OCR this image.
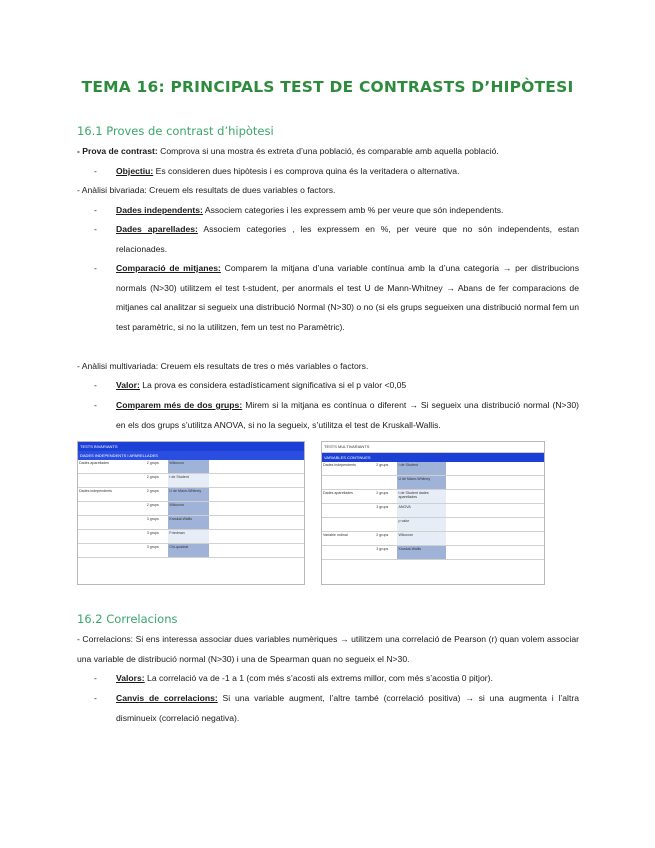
TEMA 16: PRINCIPALS TEST DE CONTRASTS D’HIPÒTESI
16.1 Proves de contrast d’hipòtesi
- Prova de contrast: Comprova si una mostra és extreta d’una població, és comparable amb aquella població.
- Objectiu: Es consideren dues hipòtesis i es comprova quina és la veritadera o alternativa.
- Anàlisi bivariada: Creuem els resultats de dues variables o factors.
- Dades independents: Associem categories i les expressem amb % per veure que són independents.
- Dades aparellades: Associem categories , les expressem en %, per veure que no són independents, estan relacionades.
- Comparació de mitjanes: Comparem la mitjana d’una variable contínua amb la d’una categoria → per distribucions normals (N>30) utilitzem el test t-student, per anormals el test U de Mann-Whitney → Abans de fer comparacions de mitjanes cal analitzar si segueix una distribució Normal (N>30) o no (si els grups segueixen una distribució normal fem un test paramètric, si no la utilitzen, fem un test no Paramètric).
- Anàlisi multivariada: Creuem els resultats de tres o més variables o factors.
- Valor: La prova es considera estadísticament significativa si el p valor <0,05
- Comparem més de dos grups: Mirem si la mitjana es contínua o diferent → Si segueix una distribució normal (N>30) en els dos grups s’utilitza ANOVA, si no la segueix, s’utilitza el test de Kruskall-Wallis.
TESTS BIVARIANTS
DADES INDEPENDENTS I APARELLADES
Dades aparellades	2 grups	Wilcoxon	
	2 grups	t de Student	
Dades independents	2 grups	U de Mann-Whitney	
	2 grups	Wilcoxon	
	3 grups	Kruskal-Wallis	
	3 grups	Friedman	
	3 grups	Chi-quadrat	
TESTS MULTIVARIANTS
VARIABLES CONTINUES
Dades independents	2 grups	t de Student	
		U de Mann-Whitney	
Dades aparellades	2 grups	t de Student dades aparellades	
	3 grups	ANOVA	
		p valor	
Variable ordinal	2 grups	Wilcoxon	
	3 grups	Kruskal-Wallis	
16.2 Correlacions
- Correlacions: Si ens interessa associar dues variables numèriques → utilitzem una correlació de Pearson (r) quan volem associar una variable de distribució normal (N>30) i una de Spearman quan no segueix el N>30.
- Valors: La correlació va de -1 a 1 (com més s’acosti als extrems millor, com més s’acostia 0 pitjor).
- Canvis de correlacions: Si una variable augment, l’altre també (correlació positiva) → si una augmenta i l’altra disminueix (correlació negativa).
